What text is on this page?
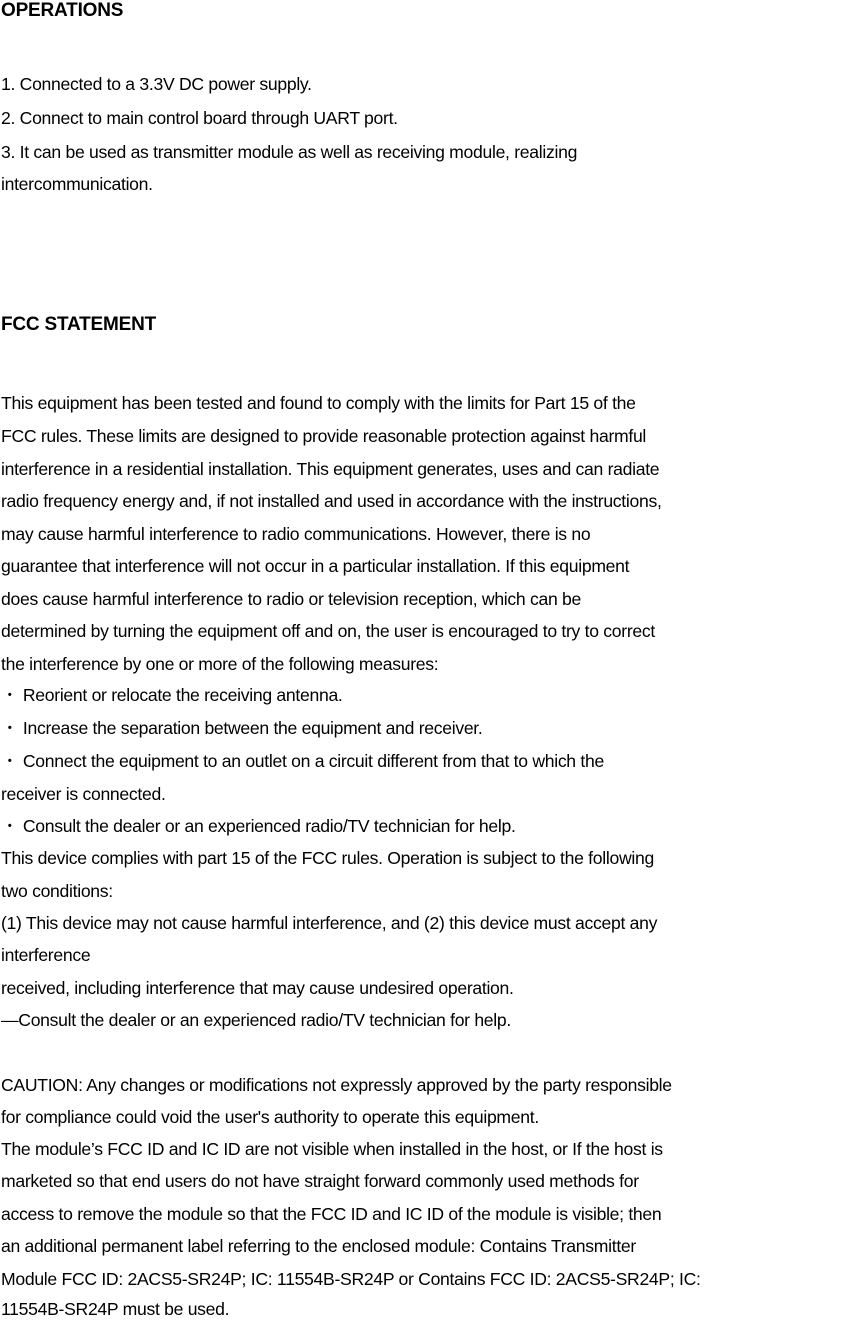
OPERATIONS
1. Connected to a 3.3V DC power supply.
2. Connect to main control board through UART port.
3. It can be used as transmitter module as well as receiving module, realizing
intercommunication.
FCC STATEMENT
This equipment has been tested and found to comply with the limits for Part 15 of the
FCC rules. These limits are designed to provide reasonable protection against harmful
interference in a residential installation. This equipment generates, uses and can radiate
radio frequency energy and, if not installed and used in accordance with the instructions,
may cause harmful interference to radio communications. However, there is no
guarantee that interference will not occur in a particular installation. If this equipment
does cause harmful interference to radio or television reception, which can be
determined by turning the equipment off and on, the user is encouraged to try to correct
the interference by one or more of the following measures:
・ Reorient or relocate the receiving antenna.
・ Increase the separation between the equipment and receiver.
・ Connect the equipment to an outlet on a circuit different from that to which the
receiver is connected.
・ Consult the dealer or an experienced radio/TV technician for help.
This device complies with part 15 of the FCC rules. Operation is subject to the following
two conditions:
(1) This device may not cause harmful interference, and (2) this device must accept any
interference
received, including interference that may cause undesired operation.
—Consult the dealer or an experienced radio/TV technician for help.
CAUTION: Any changes or modifications not expressly approved by the party responsible
for compliance could void the user's authority to operate this equipment.
The module’s FCC ID and IC ID are not visible when installed in the host, or If the host is
marketed so that end users do not have straight forward commonly used methods for
access to remove the module so that the FCC ID and IC ID of the module is visible; then
an additional permanent label referring to the enclosed module: Contains Transmitter
Module FCC ID: 2ACS5-SR24P; IC: 11554B-SR24P or Contains FCC ID: 2ACS5-SR24P; IC:
11554B-SR24P must be used.
